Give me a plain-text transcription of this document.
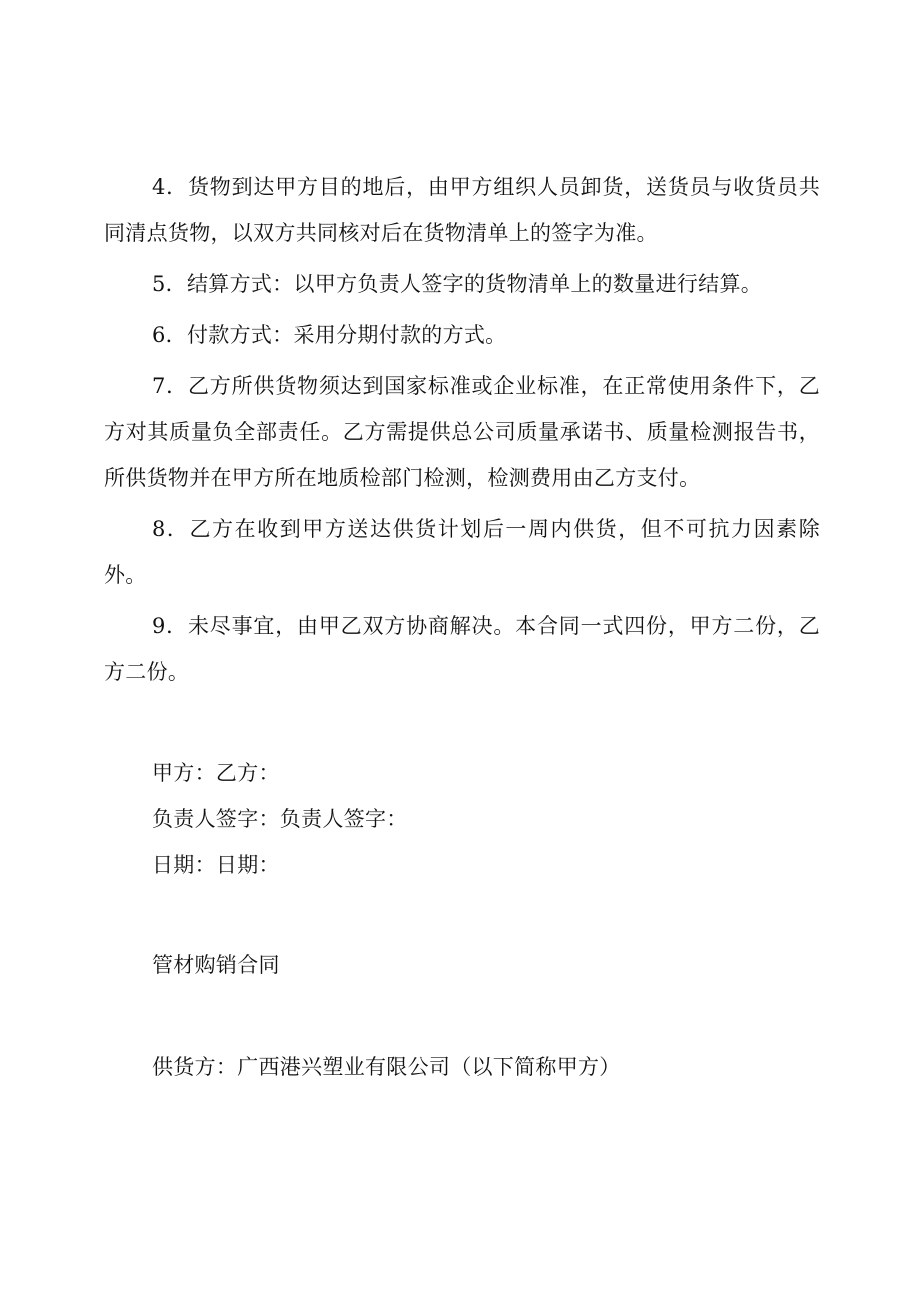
4．货物到达甲方目的地后，由甲方组织人员卸货，送货员与收货员共同清点货物，以双方共同核对后在货物清单上的签字为准。

5．结算方式：以甲方负责人签字的货物清单上的数量进行结算。

6．付款方式：采用分期付款的方式。

7．乙方所供货物须达到国家标准或企业标准，在正常使用条件下，乙方对其质量负全部责任。乙方需提供总公司质量承诺书、质量检测报告书，所供货物并在甲方所在地质检部门检测，检测费用由乙方支付。

8．乙方在收到甲方送达供货计划后一周内供货，但不可抗力因素除外。

9．未尽事宜，由甲乙双方协商解决。本合同一式四份，甲方二份，乙方二份。

甲方：乙方：

负责人签字：负责人签字：

日期：日期：

管材购销合同

供货方：广西港兴塑业有限公司（以下简称甲方）
